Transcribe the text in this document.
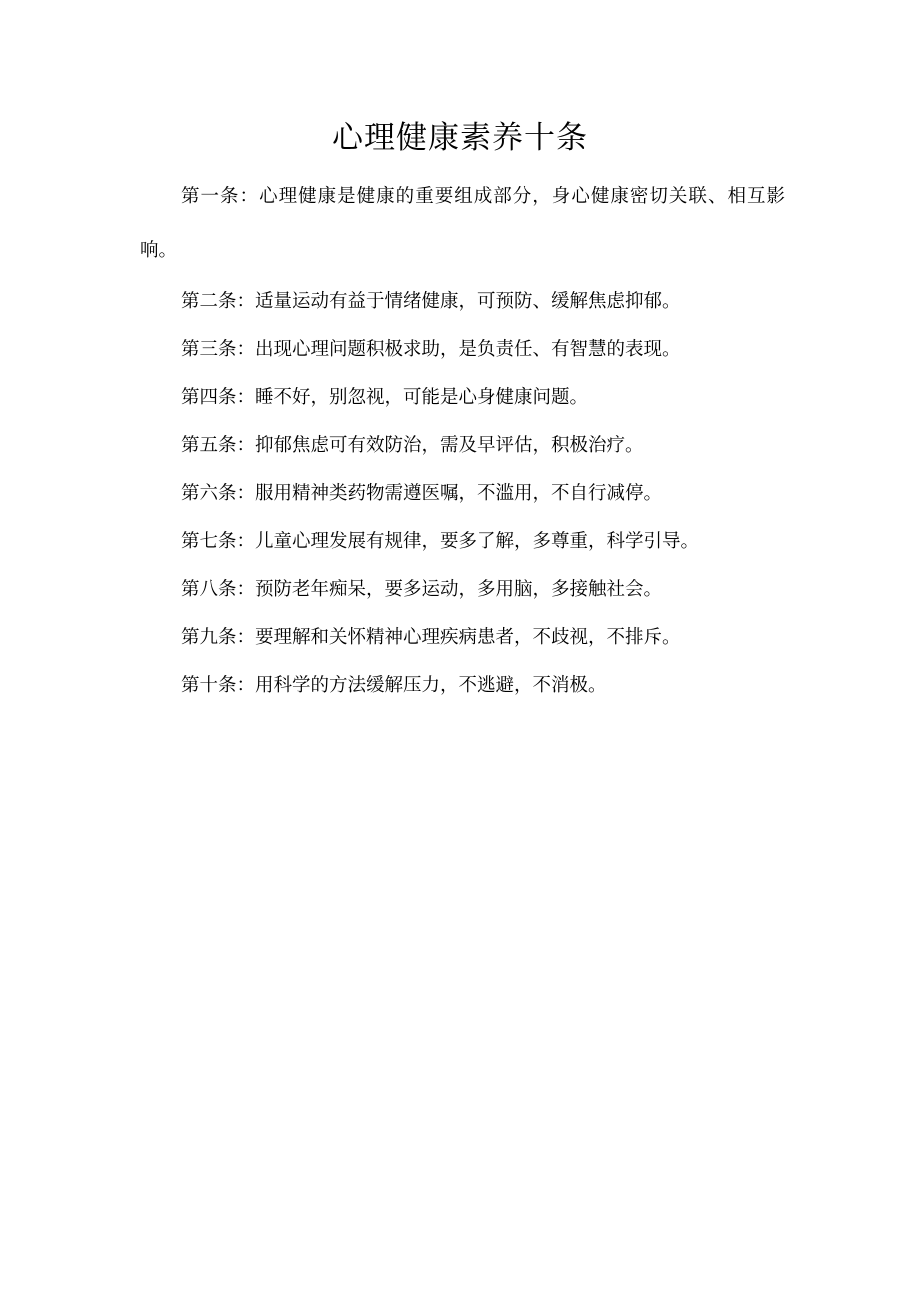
心理健康素养十条

第一条：心理健康是健康的重要组成部分，身心健康密切关联、相互影响。

第二条：适量运动有益于情绪健康，可预防、缓解焦虑抑郁。

第三条：出现心理问题积极求助，是负责任、有智慧的表现。

第四条：睡不好，别忽视，可能是心身健康问题。

第五条：抑郁焦虑可有效防治，需及早评估，积极治疗。

第六条：服用精神类药物需遵医嘱，不滥用，不自行减停。

第七条：儿童心理发展有规律，要多了解，多尊重，科学引导。

第八条：预防老年痴呆，要多运动，多用脑，多接触社会。

第九条：要理解和关怀精神心理疾病患者，不歧视，不排斥。

第十条：用科学的方法缓解压力，不逃避，不消极。
